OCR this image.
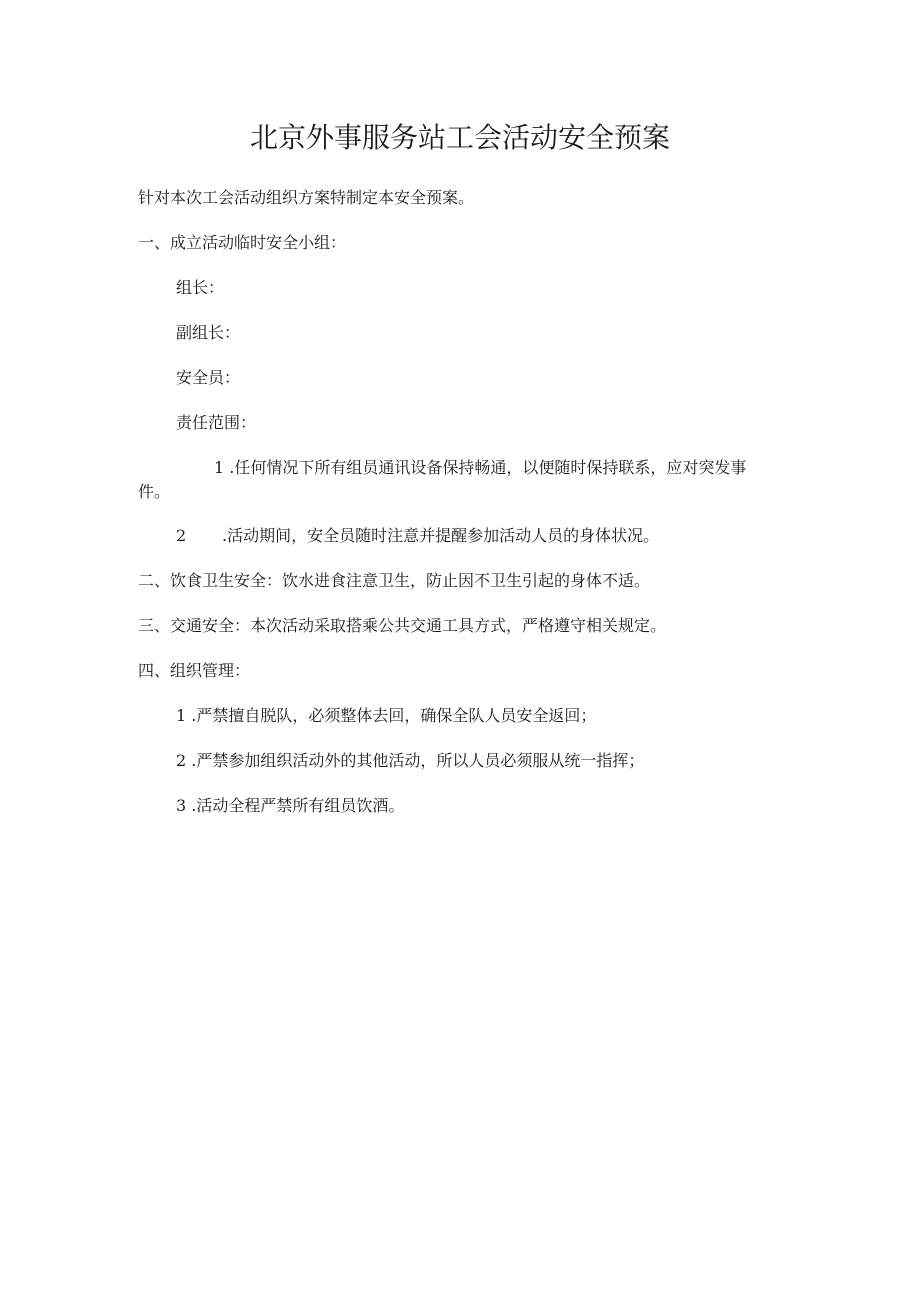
北京外事服务站工会活动安全预案

针对本次工会活动组织方案特制定本安全预案。

一、成立活动临时安全小组：

组长：

副组长：

安全员：

责任范围：

1 .任何情况下所有组员通讯设备保持畅通，以便随时保持联系，应对突发事件。

2 .活动期间，安全员随时注意并提醒参加活动人员的身体状况。

二、饮食卫生安全：饮水进食注意卫生，防止因不卫生引起的身体不适。

三、交通安全：本次活动采取搭乘公共交通工具方式，严格遵守相关规定。

四、组织管理：

1 .严禁擅自脱队，必须整体去回，确保全队人员安全返回；

2 .严禁参加组织活动外的其他活动，所以人员必须服从统一指挥；

3 .活动全程严禁所有组员饮酒。
